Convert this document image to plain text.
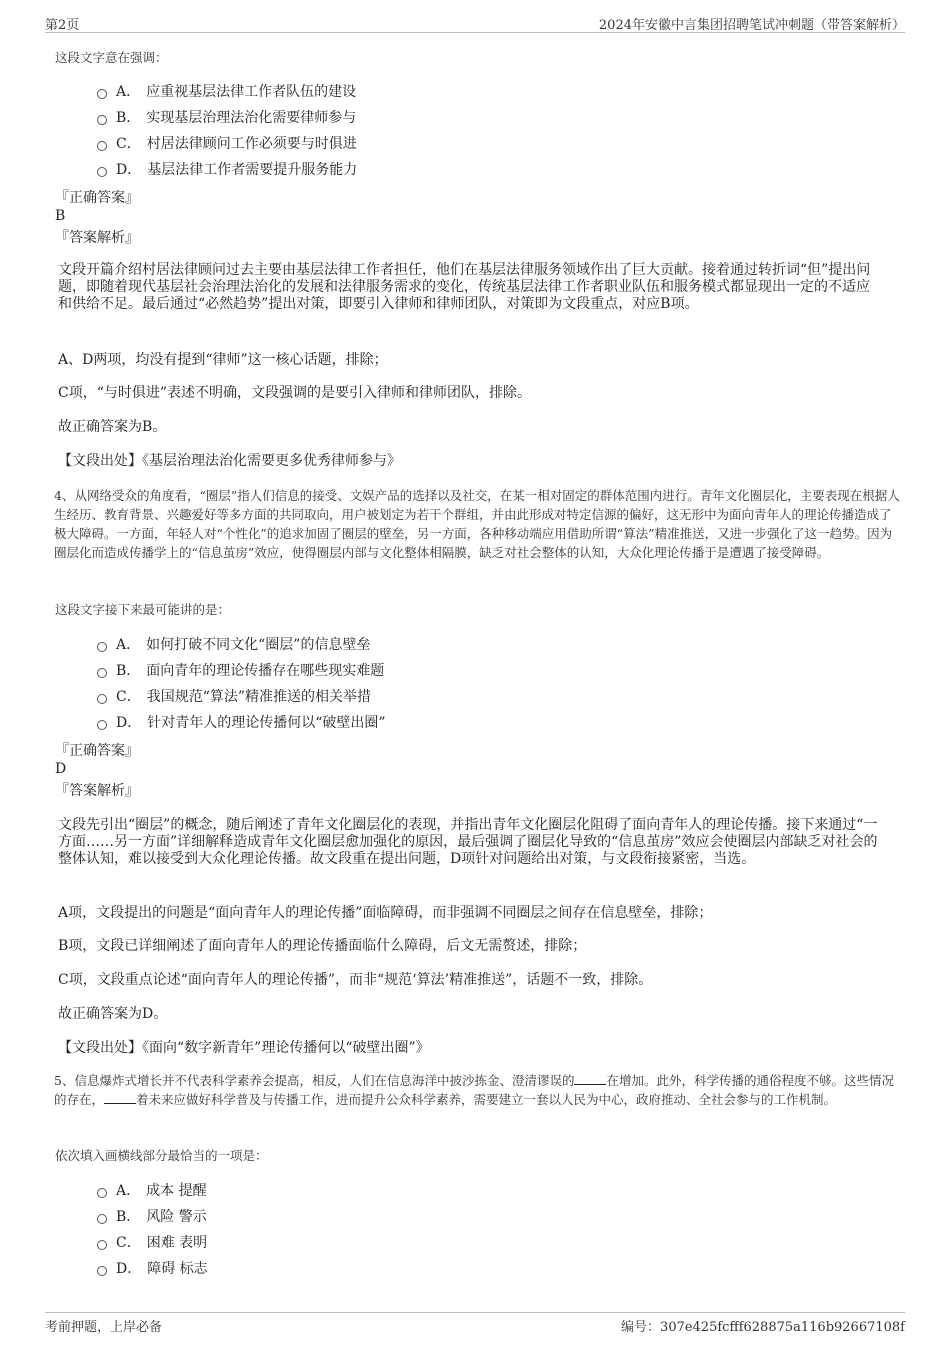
第2页	2024年安徽中言集团招聘笔试冲刺题（带答案解析）
这段文字意在强调：
A． 应重视基层法律工作者队伍的建设
B． 实现基层治理法治化需要律师参与
C． 村居法律顾问工作必须要与时俱进
D． 基层法律工作者需要提升服务能力
『正确答案』
B
『答案解析』
文段开篇介绍村居法律顾问过去主要由基层法律工作者担任，他们在基层法律服务领域作出了巨大贡献。接着通过转折词“但”提出问题，即随着现代基层社会治理法治化的发展和法律服务需求的变化，传统基层法律工作者职业队伍和服务模式都显现出一定的不适应和供给不足。最后通过“必然趋势”提出对策，即要引入律师和律师团队，对策即为文段重点，对应B项。
A、D两项，均没有提到“律师”这一核心话题，排除；
C项，“与时俱进”表述不明确，文段强调的是要引入律师和律师团队，排除。
故正确答案为B。
【文段出处】《基层治理法治化需要更多优秀律师参与》
4、从网络受众的角度看，“圈层”指人们信息的接受、文娱产品的选择以及社交，在某一相对固定的群体范围内进行。青年文化圈层化，主要表现在根据人生经历、教育背景、兴趣爱好等多方面的共同取向，用户被划定为若干个群组，并由此形成对特定信源的偏好，这无形中为面向青年人的理论传播造成了极大障碍。一方面，年轻人对“个性化”的追求加固了圈层的壁垒，另一方面，各种移动端应用借助所谓“算法”精准推送，又进一步强化了这一趋势。因为圈层化而造成传播学上的“信息茧房”效应，使得圈层内部与文化整体相隔膜，缺乏对社会整体的认知，大众化理论传播于是遭遇了接受障碍。
这段文字接下来最可能讲的是：
A． 如何打破不同文化“圈层”的信息壁垒
B． 面向青年的理论传播存在哪些现实难题
C． 我国规范“算法”精准推送的相关举措
D． 针对青年人的理论传播何以“破壁出圈”
『正确答案』
D
『答案解析』
文段先引出“圈层”的概念，随后阐述了青年文化圈层化的表现，并指出青年文化圈层化阻碍了面向青年人的理论传播。接下来通过“一方面……另一方面”详细解释造成青年文化圈层愈加强化的原因，最后强调了圈层化导致的“信息茧房”效应会使圈层内部缺乏对社会的整体认知，难以接受到大众化理论传播。故文段重在提出问题，D项针对问题给出对策，与文段衔接紧密，当选。
A项，文段提出的问题是“面向青年人的理论传播”面临障碍，而非强调不同圈层之间存在信息壁垒，排除；
B项，文段已详细阐述了面向青年人的理论传播面临什么障碍，后文无需赘述，排除；
C项，文段重点论述“面向青年人的理论传播”，而非“规范‘算法’精准推送”，话题不一致，排除。
故正确答案为D。
【文段出处】《面向“数字新青年”理论传播何以“破壁出圈”》
5、信息爆炸式增长并不代表科学素养会提高，相反，人们在信息海洋中披沙拣金、澄清谬误的	在增加。此外，科学传播的通俗程度不够。这些情况的存在，	着未来应做好科学普及与传播工作，进而提升公众科学素养，需要建立一套以人民为中心，政府推动、全社会参与的工作机制。
依次填入画横线部分最恰当的一项是：
A． 成本 提醒
B． 风险 警示
C． 困难 表明
D． 障碍 标志
考前押题，上岸必备	编号：307e425fcfff628875a116b92667108f
